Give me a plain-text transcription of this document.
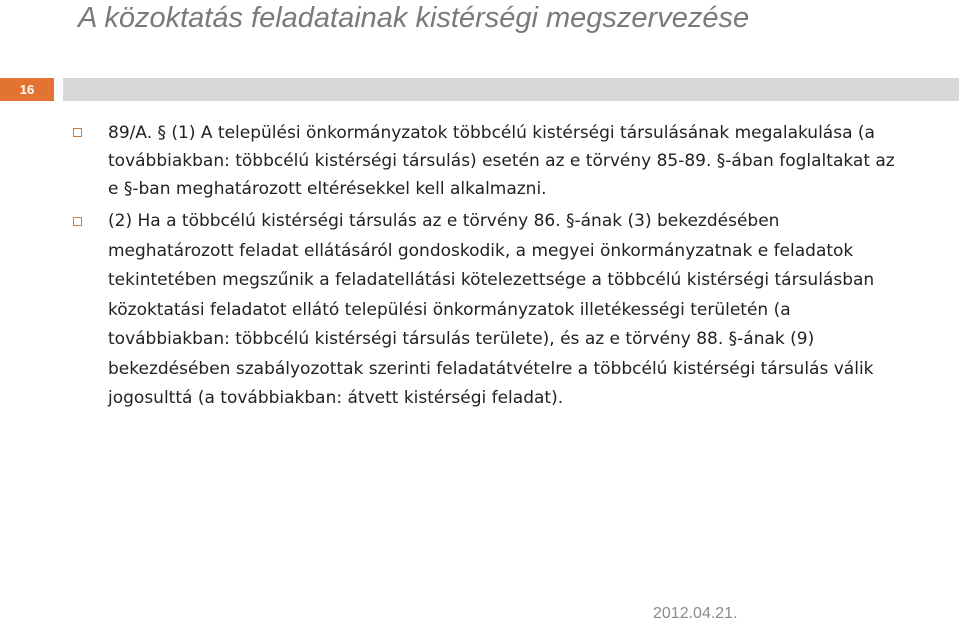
A közoktatás feladatainak kistérségi megszervezése
16
89/A. § (1) A települési önkormányzatok többcélú kistérségi társulásának megalakulása (a továbbiakban: többcélú kistérségi társulás) esetén az e törvény 85-89. §-ában foglaltakat az e §-ban meghatározott eltérésekkel kell alkalmazni.
(2) Ha a többcélú kistérségi társulás az e törvény 86. §-ának (3) bekezdésében meghatározott feladat ellátásáról gondoskodik, a megyei önkormányzatnak e feladatok tekintetében megszűnik a feladatellátási kötelezettsége a többcélú kistérségi társulásban közoktatási feladatot ellátó települési önkormányzatok illetékességi területén (a továbbiakban: többcélú kistérségi társulás területe), és az e törvény 88. §-ának (9) bekezdésében szabályozottak szerinti feladatátvételre a többcélú kistérségi társulás válik jogosulttá (a továbbiakban: átvett kistérségi feladat).
2012.04.21.
